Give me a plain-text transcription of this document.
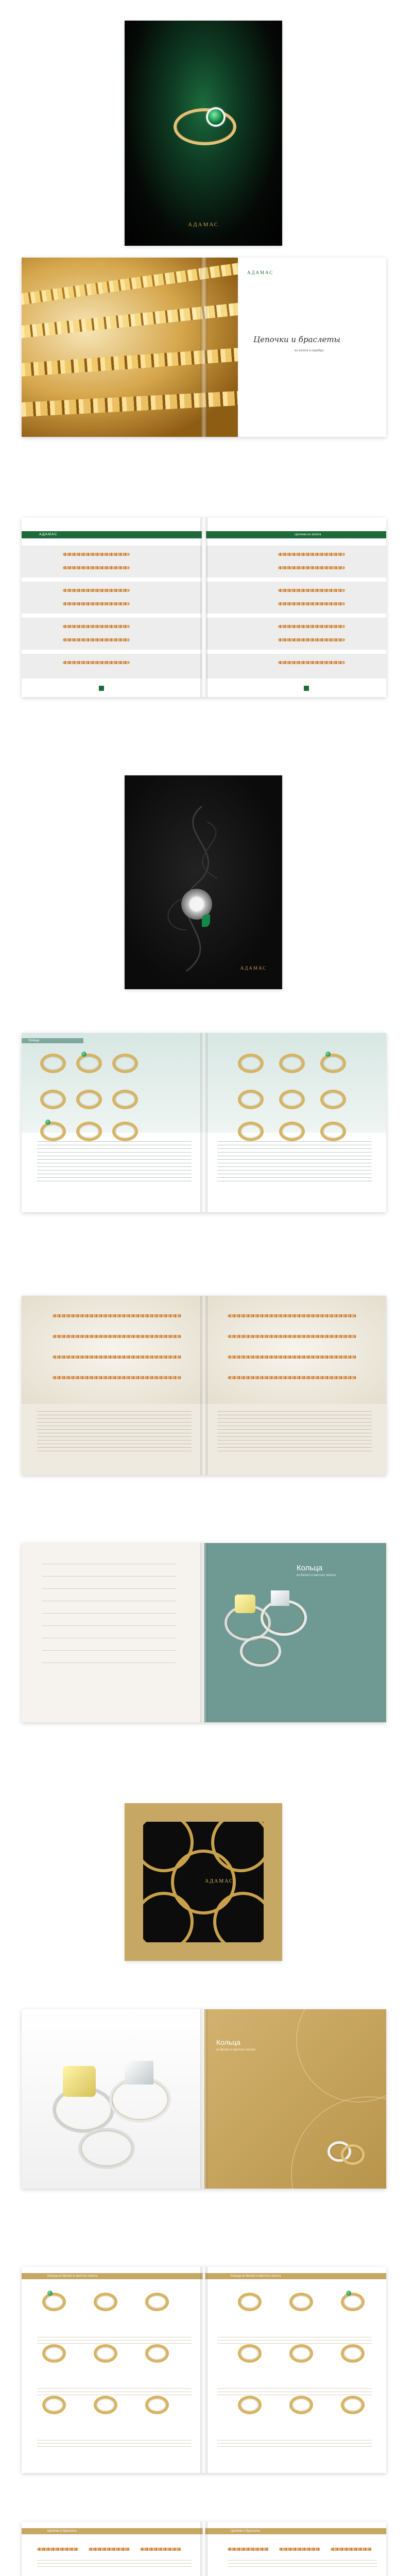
АДАМАС
АДАМАС
Цепочки и браслеты
из золота и серебра
АДАМАС	Цепочки из золота
АДАМАС
Кольца
Кольца
из белого и желтого золота
АДАМАС
Кольца
из белого и желтого золота
Кольца из белого и желтого золота	Кольца из белого и желтого золота
Цепочки и браслеты	Цепочки и браслеты
